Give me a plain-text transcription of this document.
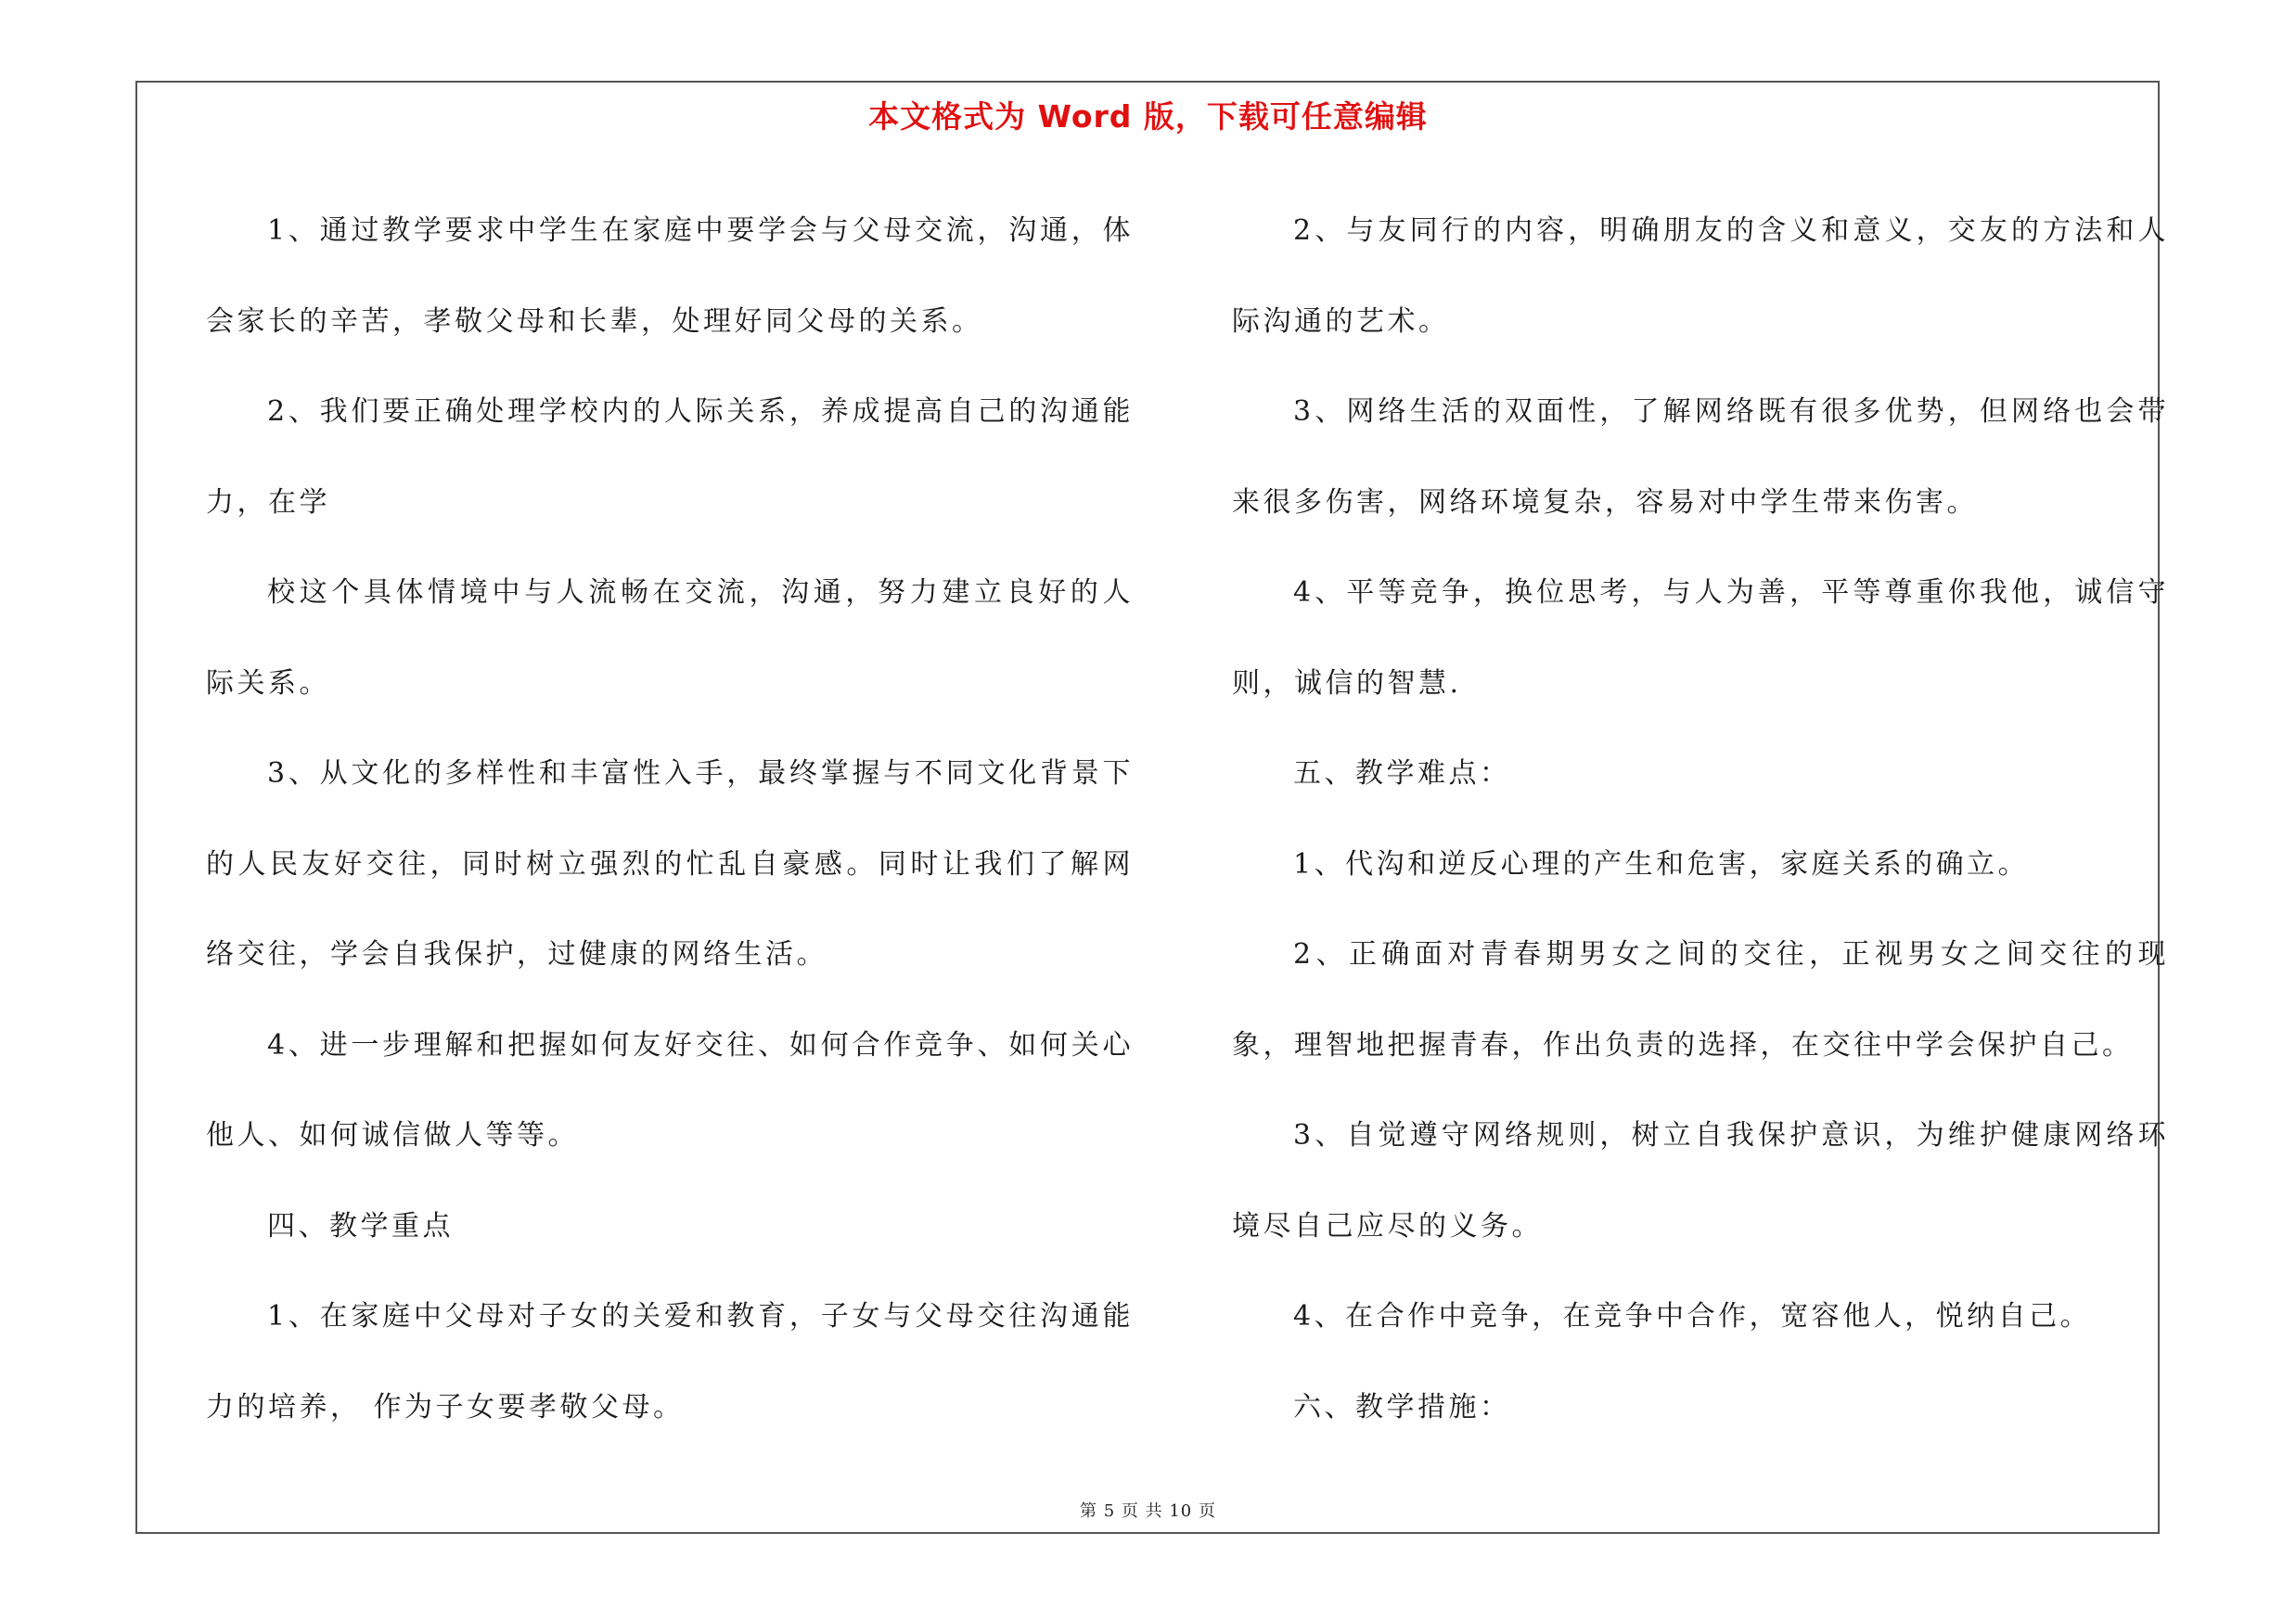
本文格式为 Word 版，下载可任意编辑

1、通过教学要求中学生在家庭中要学会与父母交流，沟通，体会家长的辛苦，孝敬父母和长辈，处理好同父母的关系。

2、我们要正确处理学校内的人际关系，养成提高自己的沟通能力，在学

校这个具体情境中与人流畅在交流，沟通，努力建立良好的人际关系。

3、从文化的多样性和丰富性入手，最终掌握与不同文化背景下的人民友好交往，同时树立强烈的忙乱自豪感。同时让我们了解网络交往，学会自我保护，过健康的网络生活。

4、进一步理解和把握如何友好交往、如何合作竞争、如何关心他人、如何诚信做人等等。

四、教学重点

1、在家庭中父母对子女的关爱和教育，子女与父母交往沟通能力的培养， 作为子女要孝敬父母。

2、与友同行的内容，明确朋友的含义和意义，交友的方法和人际沟通的艺术。

3、网络生活的双面性，了解网络既有很多优势，但网络也会带来很多伤害，网络环境复杂，容易对中学生带来伤害。

4、平等竞争，换位思考，与人为善，平等尊重你我他，诚信守则，诚信的智慧.

五、教学难点：

1、代沟和逆反心理的产生和危害，家庭关系的确立。

2、正确面对青春期男女之间的交往，正视男女之间交往的现象，理智地把握青春，作出负责的选择，在交往中学会保护自己。

3、自觉遵守网络规则，树立自我保护意识，为维护健康网络环境尽自己应尽的义务。

4、在合作中竞争，在竞争中合作，宽容他人，悦纳自己。

六、教学措施：

第 5 页 共 10 页
